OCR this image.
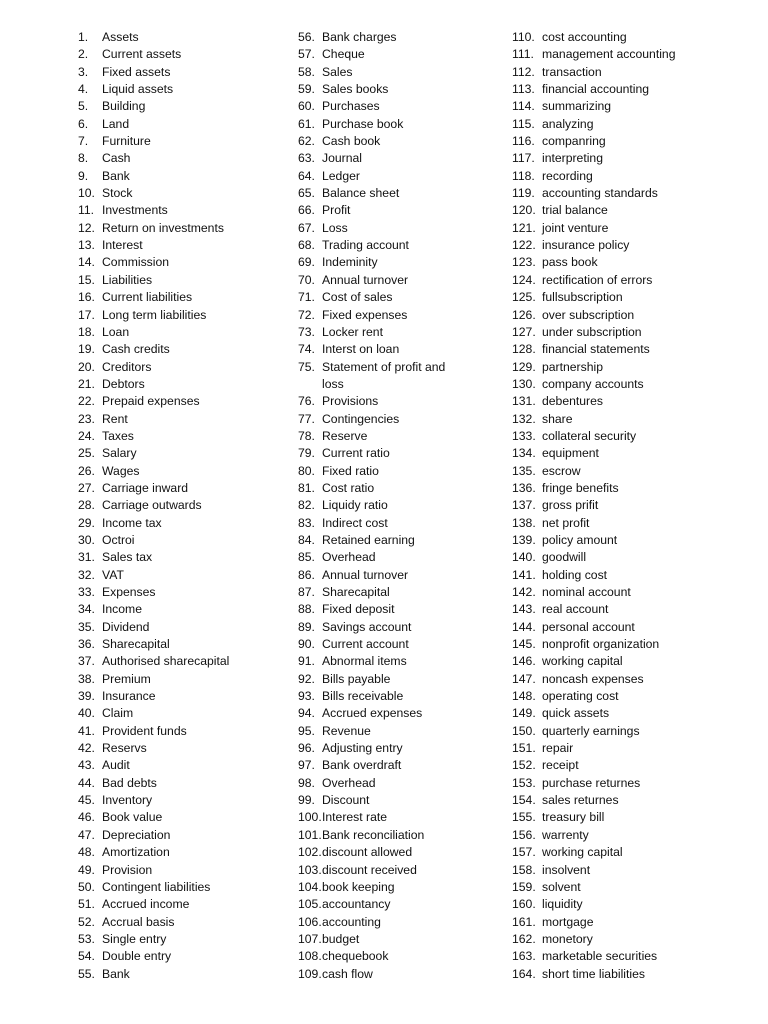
1.	Assets
2.	Current assets
3.	Fixed assets
4.	Liquid assets
5.	Building
6.	Land
7.	Furniture
8.	Cash
9.	Bank
10. Stock
11. Investments
12. Return on investments
13. Interest
14. Commission
15. Liabilities
16. Current liabilities
17. Long term liabilities
18. Loan
19. Cash credits
20. Creditors
21. Debtors
22. Prepaid expenses
23. Rent
24. Taxes
25. Salary
26. Wages
27. Carriage inward
28. Carriage outwards
29. Income tax
30. Octroi
31. Sales tax
32. VAT
33. Expenses
34. Income
35. Dividend
36. Sharecapital
37. Authorised sharecapital
38. Premium
39. Insurance
40. Claim
41. Provident funds
42. Reservs
43. Audit
44. Bad debts
45. Inventory
46. Book value
47. Depreciation
48. Amortization
49. Provision
50. Contingent liabilities
51. Accrued income
52. Accrual basis
53. Single entry
54. Double entry
55. Bank
56. Bank charges
57. Cheque
58. Sales
59. Sales books
60. Purchases
61. Purchase book
62. Cash book
63. Journal
64. Ledger
65. Balance sheet
66. Profit
67. Loss
68. Trading account
69. Indeminity
70. Annual turnover
71. Cost of sales
72. Fixed expenses
73. Locker rent
74. Interst on loan
75. Statement of profit and loss
76. Provisions
77. Contingencies
78. Reserve
79. Current ratio
80. Fixed ratio
81. Cost ratio
82. Liquidy ratio
83. Indirect cost
84. Retained earning
85. Overhead
86. Annual turnover
87. Sharecapital
88. Fixed deposit
89. Savings account
90. Current account
91. Abnormal items
92. Bills payable
93. Bills receivable
94. Accrued expenses
95. Revenue
96. Adjusting entry
97. Bank overdraft
98. Overhead
99. Discount
100. Interest rate
101. Bank reconciliation
102. discount allowed
103. discount received
104. book keeping
105. accountancy
106. accounting
107. budget
108. chequebook
109. cash flow
110. cost accounting
111. management accounting
112. transaction
113. financial accounting
114. summarizing
115. analyzing
116. companring
117. interpreting
118. recording
119. accounting standards
120. trial balance
121. joint venture
122. insurance policy
123. pass book
124. rectification of errors
125. fullsubscription
126. over subscription
127. under subscription
128. financial statements
129. partnership
130. company accounts
131. debentures
132. share
133. collateral security
134. equipment
135. escrow
136. fringe benefits
137. gross prifit
138. net profit
139. policy amount
140. goodwill
141. holding cost
142. nominal account
143. real account
144. personal account
145. nonprofit organization
146. working capital
147. noncash expenses
148. operating cost
149. quick assets
150. quarterly earnings
151. repair
152. receipt
153. purchase returnes
154. sales returnes
155. treasury bill
156. warrenty
157. working capital
158. insolvent
159. solvent
160. liquidity
161. mortgage
162. monetory
163. marketable securities
164. short time liabilities
